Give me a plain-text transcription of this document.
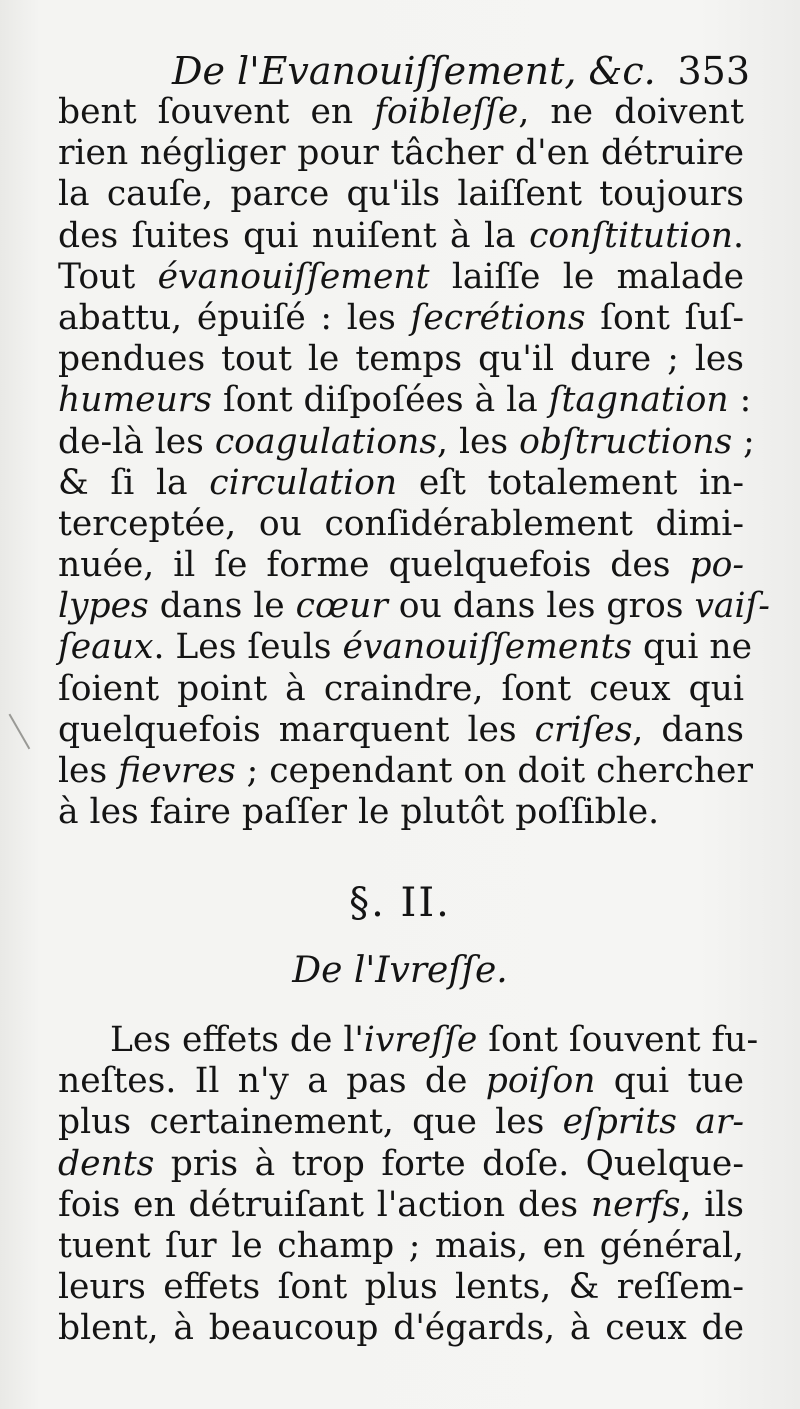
De l'Evanouiſſement, &c. 353
bent ſouvent en foibleſſe, ne doivent
rien négliger pour tâcher d'en détruire
la cauſe, parce qu'ils laiſſent toujours
des ſuites qui nuiſent à la conſtitution.
Tout évanouiſſement laiſſe le malade
abattu, épuiſé : les ſecrétions ſont ſuſ-
pendues tout le temps qu'il dure ; les
humeurs ſont diſpoſées à la ſtagnation :
de-là les coagulations, les obſtructions ;
& ſi la circulation eſt totalement in-
terceptée, ou conſidérablement dimi-
nuée, il ſe forme quelquefois des po-
lypes dans le cœur ou dans les gros vaiſ-
ſeaux. Les ſeuls évanouiſſements qui ne
ſoient point à craindre, ſont ceux qui
quelquefois marquent les criſes, dans
les fievres ; cependant on doit chercher
à les faire paſſer le plutôt poſſible.
§. II.
De l'Ivreſſe.
Les effets de l'ivreſſe ſont ſouvent fu-
neſtes. Il n'y a pas de poiſon qui tue
plus certainement, que les eſprits ar-
dents pris à trop forte doſe. Quelque-
fois en détruiſant l'action des nerfs, ils
tuent ſur le champ ; mais, en général,
leurs effets ſont plus lents, & reſſem-
blent, à beaucoup d'égards, à ceux de
